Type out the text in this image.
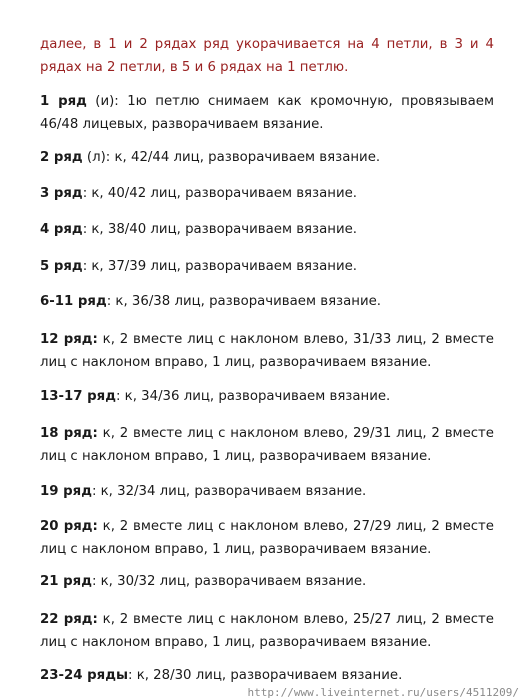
далее, в 1 и 2 рядах ряд укорачивается на 4 петли, в 3 и 4 рядах на 2 петли, в 5 и 6 рядах на 1 петлю.
1 ряд (и): 1ю петлю снимаем как кромочную, провязываем 46/48 лицевых, разворачиваем вязание.
2 ряд (л): к, 42/44 лиц, разворачиваем вязание.
3 ряд: к, 40/42 лиц, разворачиваем вязание.
4 ряд: к, 38/40 лиц, разворачиваем вязание.
5 ряд: к, 37/39 лиц, разворачиваем вязание.
6-11 ряд: к, 36/38 лиц, разворачиваем вязание.
12 ряд: к, 2 вместе лиц с наклоном влево, 31/33 лиц, 2 вместе лиц с наклоном вправо, 1 лиц, разворачиваем вязание.
13-17 ряд: к, 34/36 лиц, разворачиваем вязание.
18 ряд: к, 2 вместе лиц с наклоном влево, 29/31 лиц, 2 вместе лиц с наклоном вправо, 1 лиц, разворачиваем вязание.
19 ряд: к, 32/34 лиц, разворачиваем вязание.
20 ряд: к, 2 вместе лиц с наклоном влево, 27/29 лиц, 2 вместе лиц с наклоном вправо, 1 лиц, разворачиваем вязание.
21 ряд: к, 30/32 лиц, разворачиваем вязание.
22 ряд: к, 2 вместе лиц с наклоном влево, 25/27 лиц, 2 вместе лиц с наклоном вправо, 1 лиц, разворачиваем вязание.
23-24 ряды: к, 28/30 лиц, разворачиваем вязание.
http://www.liveinternet.ru/users/4511209/
